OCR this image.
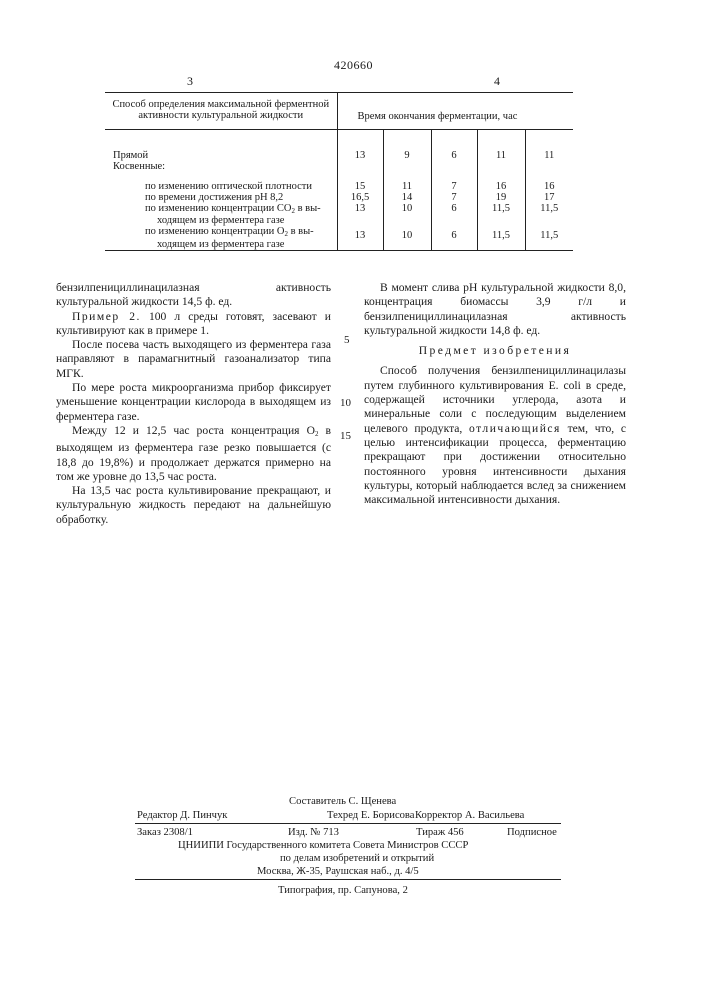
420660
3	4
Способ определения максимальной ферментной активности культуральной жидкости	Время окончания ферментации, час

Прямой	13	9	6	11	11
Косвенные:					
по изменению оптической плотности	15	11	7	16	16
по времени достижения pH 8,2	16,5	14	7	19	17
по изменению концентрации CO2 в вы-
ходящем из ферментера газе	13	10	6	11,5	11,5
по изменению концентрации O2 в вы-
ходящем из ферментера газе	13	10	6	11,5	11,5

бензилпенициллинацилазная активность культуральной жидкости 14,5 ф. ед.

Пример 2. 100 л среды готовят, засевают и культивируют как в примере 1.

После посева часть выходящего из ферментера газа направляют в парамагнитный газоанализатор типа МГК.

По мере роста микроорганизма прибор фиксирует уменьшение концентрации кислорода в выходящем из ферментера газе.

Между 12 и 12,5 час роста концентрация O2 в выходящем из ферментера газе резко повышается (с 18,8 до 19,8%) и продолжает держатся примерно на том же уровне до 13,5 час роста.

На 13,5 час роста культивирование прекращают, и культуральную жидкость передают на дальнейшую обработку.

5
10
15

В момент слива pH культуральной жидкости 8,0, концентрация биомассы 3,9 г/л и бензилпенициллинацилазная активность культуральной жидкости 14,8 ф. ед.

Предмет изобретения

Способ получения бензилпенициллинацилазы путем глубинного культивирования E. coli в среде, содержащей источники углерода, азота и минеральные соли с последующим выделением целевого продукта, отличающийся тем, что, с целью интенсификации процесса, ферментацию прекращают при достижении относительно постоянного уровня интенсивности дыхания культуры, который наблюдается вслед за снижением максимальной интенсивности дыхания.

Составитель С. Щенева
Редактор Д. Пинчук	Техред Е. Борисова Корректор А. Васильева
Заказ 2308/1	Изд. № 713	Тираж 456	Подписное
ЦНИИПИ Государственного комитета Совета Министров СССР
по делам изобретений и открытий
Москва, Ж-35, Раушская наб., д. 4/5
Типография, пр. Сапунова, 2
